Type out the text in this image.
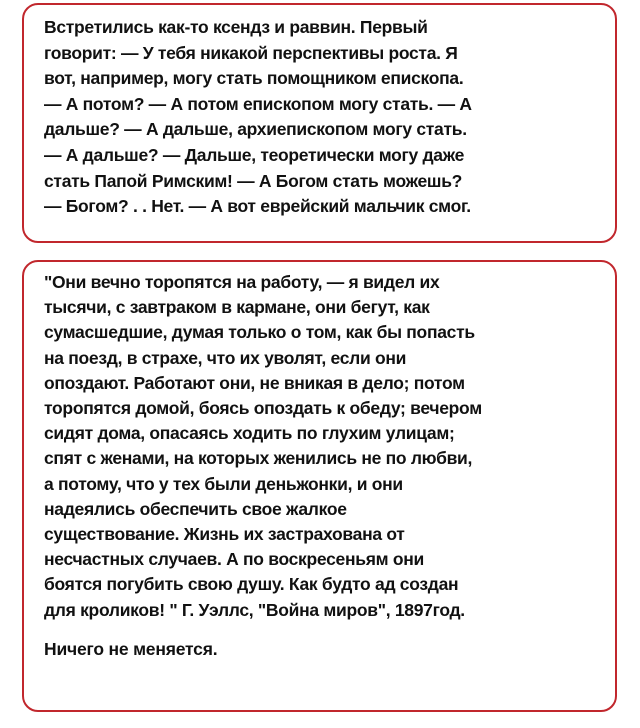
Встретились как-то ксендз и раввин. Первый
говорит: — У тебя никакой перспективы роста. Я
вот, например, могу стать помощником епископа.
— А потом? — А потом епископом могу стать. — А
дальше? — А дальше, архиепископом могу стать.
— А дальше? — Дальше, теоретически могу даже
стать Папой Римским! — А Богом стать можешь?
— Богом? . . Нет. — А вот еврейский мальчик смог.
"Они вечно торопятся на работу, — я видел их
тысячи, с завтраком в кармане, они бегут, как
сумасшедшие, думая только о том, как бы попасть
на поезд, в страхе, что их уволят, если они
опоздают. Работают они, не вникая в дело; потом
торопятся домой, боясь опоздать к обеду; вечером
сидят дома, опасаясь ходить по глухим улицам;
спят с женами, на которых женились не по любви,
а потому, что у тех были деньжонки, и они
надеялись обеспечить свое жалкое
существование. Жизнь их застрахована от
несчастных случаев. А по воскресеньям они
боятся погубить свою душу. Как будто ад создан
для кроликов! " Г. Уэллс, "Война миров", 1897год.
Ничего не меняется.
